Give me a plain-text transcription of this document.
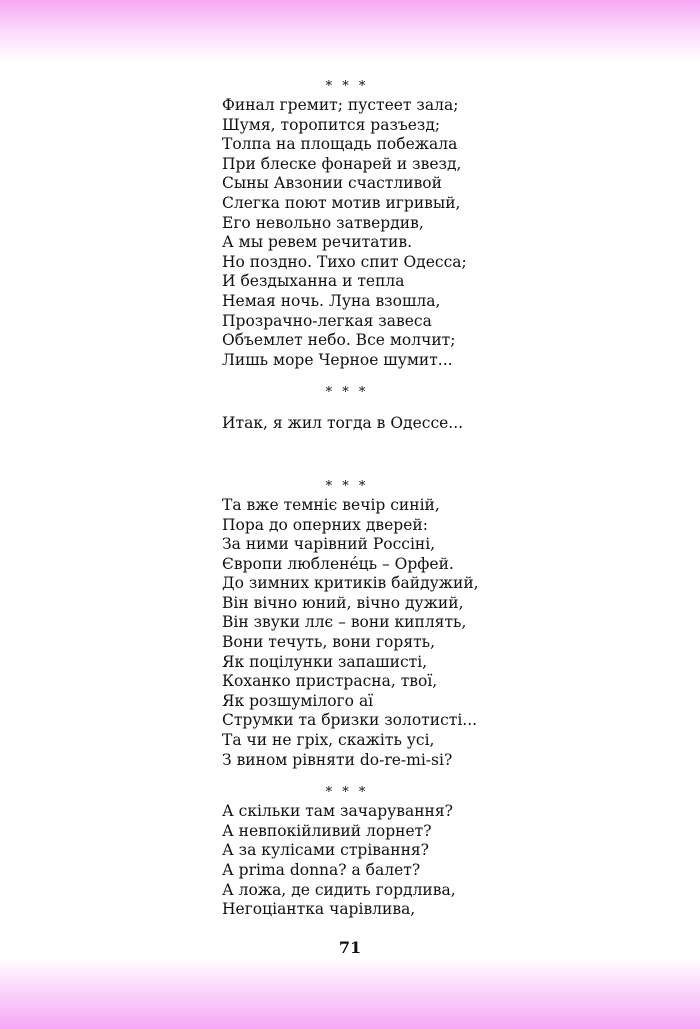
* * *
Финал гремит; пустеет зала;
Шумя, торопится разъезд;
Толпа на площадь побежала
При блеске фонарей и звезд,
Сыны Авзонии счастливой
Слегка поют мотив игривый,
Его невольно затвердив,
А мы ревем речитатив.
Но поздно. Тихо спит Одесса;
И бездыханна и тепла
Немая ночь. Луна взошла,
Прозрачно-легкая завеса
Объемлет небо. Все молчит;
Лишь море Черное шумит...
* * *
Итак, я жил тогда в Одессе...
* * *
Та вже темніє вечір синій,
Пора до оперних дверей:
За ними чарівний Россіні,
Європи люблене́ць – Орфей.
До зимних критиків байдужий,
Він вічно юний, вічно дужий,
Він звуки ллє – вони киплять,
Вони течуть, вони горять,
Як поцілунки запашисті,
Коханко пристрасна, твої,
Як розшумілого аї
Струмки та бризки золотисті...
Та чи не гріх, скажіть усі,
З вином рівняти do-re-mi-si?
* * *
А скільки там зачарування?
А невпокійливий лорнет?
А за кулісами стрівання?
А prima donna? а балет?
А ложа, де сидить гордлива,
Негоціантка чарівлива,
71
